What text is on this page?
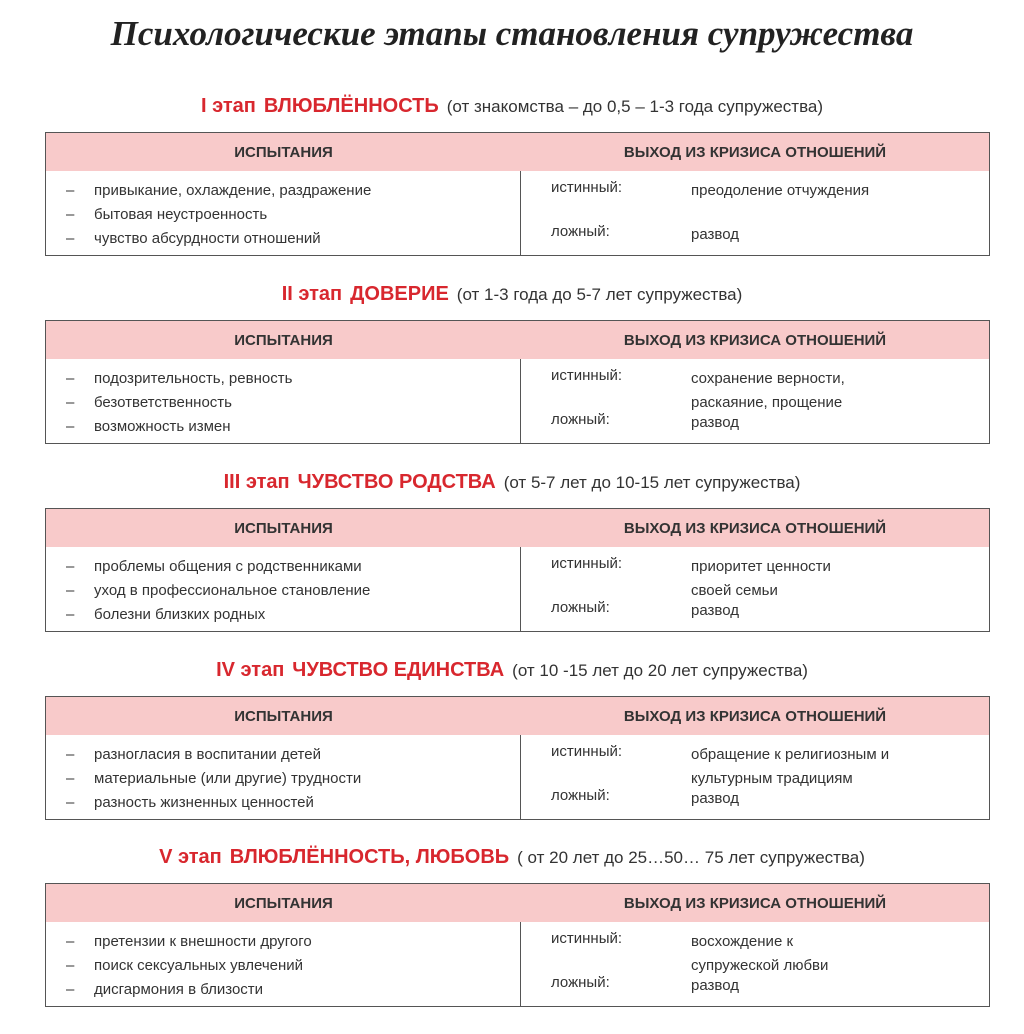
Психологические этапы становления супружества
I этап ВЛЮБЛЁННОСТЬ (от знакомства – до 0,5 – 1-3 года супружества)
ИСПЫТАНИЯ	ВЫХОД ИЗ КРИЗИСА ОТНОШЕНИЙ
– привыкание, охлаждение, раздражение
– бытовая неустроенность
– чувство абсурдности отношений
истинный:	преодоление отчуждения
ложный:	развод
II этап ДОВЕРИЕ (от 1-3 года до 5-7 лет супружества)
ИСПЫТАНИЯ	ВЫХОД ИЗ КРИЗИСА ОТНОШЕНИЙ
– подозрительность, ревность
– безответственность
– возможность измен
истинный:	сохранение верности,
раскаяние, прощение
ложный:	развод
III этап ЧУВСТВО РОДСТВА (от 5-7 лет до 10-15 лет супружества)
ИСПЫТАНИЯ	ВЫХОД ИЗ КРИЗИСА ОТНОШЕНИЙ
– проблемы общения с родственниками
– уход в профессиональное становление
– болезни близких родных
истинный:	приоритет ценности
своей семьи
ложный:	развод
IV этап ЧУВСТВО ЕДИНСТВА (от 10 -15 лет до 20 лет супружества)
ИСПЫТАНИЯ	ВЫХОД ИЗ КРИЗИСА ОТНОШЕНИЙ
– разногласия в воспитании детей
– материальные (или другие) трудности
– разность жизненных ценностей
истинный:	обращение к религиозным и
культурным традициям
ложный:	развод
V этап ВЛЮБЛЁННОСТЬ, ЛЮБОВЬ ( от 20 лет до 25…50… 75 лет супружества)
ИСПЫТАНИЯ	ВЫХОД ИЗ КРИЗИСА ОТНОШЕНИЙ
– претензии к внешности другого
– поиск сексуальных увлечений
– дисгармония в близости
истинный:	восхождение к
супружеской любви
ложный:	развод
